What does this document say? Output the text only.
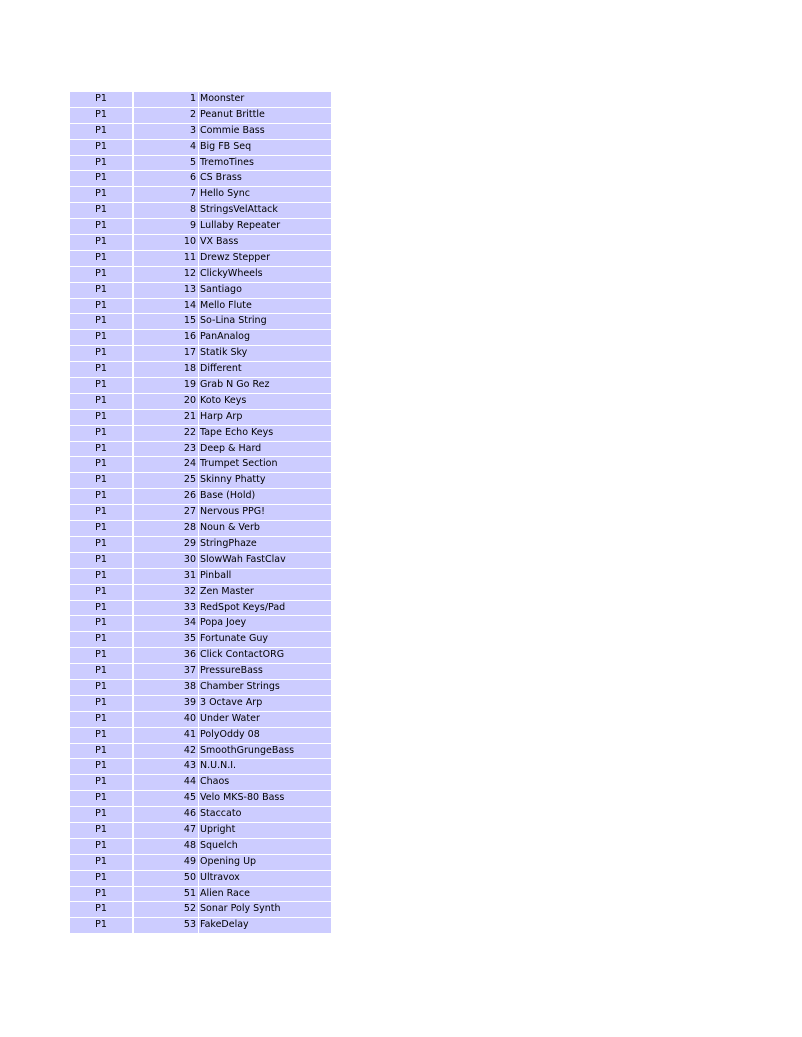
P1	1 Moonster
P1	2 Peanut Brittle
P1	3 Commie Bass
P1	4 Big FB Seq
P1	5 TremoTines
P1	6 CS Brass
P1	7 Hello Sync
P1	8 StringsVelAttack
P1	9 Lullaby Repeater
P1	10 VX Bass
P1	11 Drewz Stepper
P1	12 ClickyWheels
P1	13 Santiago
P1	14 Mello Flute
P1	15 So-Lina String
P1	16 PanAnalog
P1	17 Statik Sky
P1	18 Different
P1	19 Grab N Go Rez
P1	20 Koto Keys
P1	21 Harp Arp
P1	22 Tape Echo Keys
P1	23 Deep & Hard
P1	24 Trumpet Section
P1	25 Skinny Phatty
P1	26 Base (Hold)
P1	27 Nervous PPG!
P1	28 Noun & Verb
P1	29 StringPhaze
P1	30 SlowWah FastClav
P1	31 Pinball
P1	32 Zen Master
P1	33 RedSpot Keys/Pad
P1	34 Popa Joey
P1	35 Fortunate Guy
P1	36 Click ContactORG
P1	37 PressureBass
P1	38 Chamber Strings
P1	39 3 Octave Arp
P1	40 Under Water
P1	41 PolyOddy 08
P1	42 SmoothGrungeBass
P1	43 N.U.N.I.
P1	44 Chaos
P1	45 Velo MKS-80 Bass
P1	46 Staccato
P1	47 Upright
P1	48 Squelch
P1	49 Opening Up
P1	50 Ultravox
P1	51 Alien Race
P1	52 Sonar Poly Synth
P1	53 FakeDelay
